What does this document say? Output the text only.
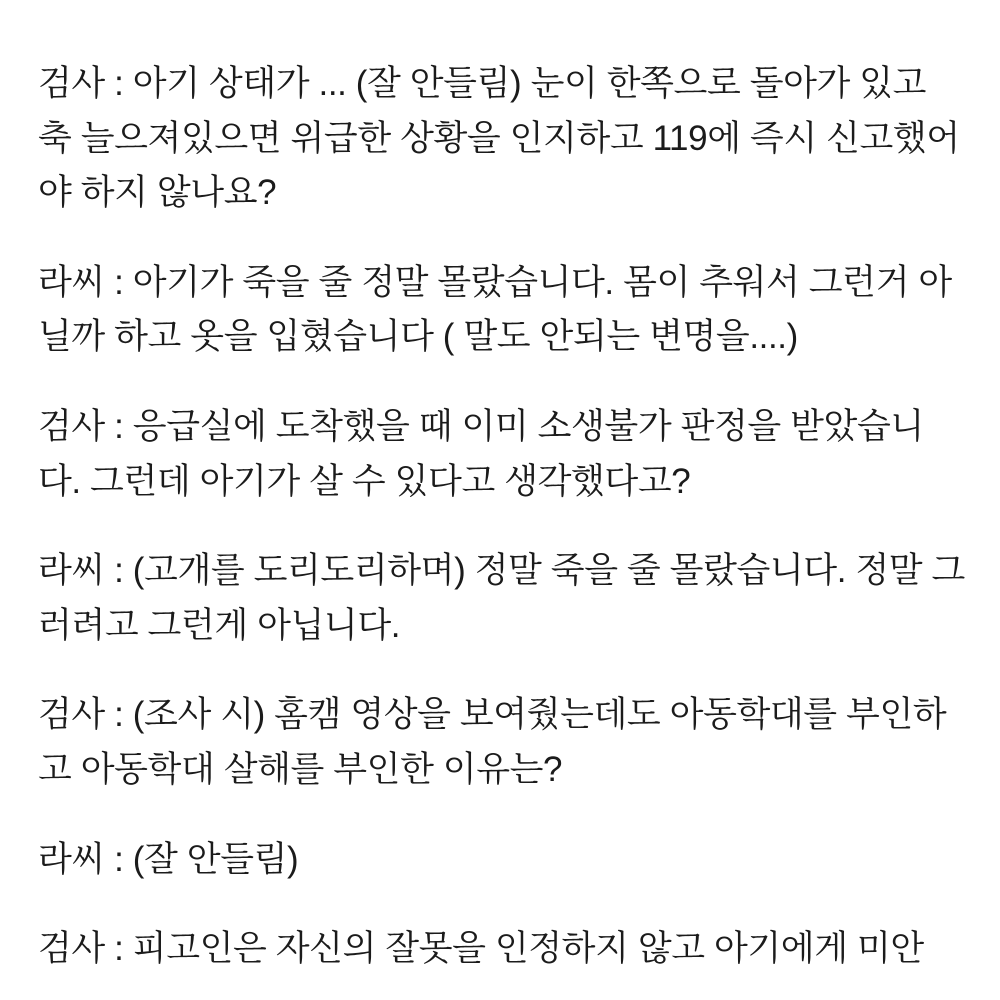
검사 : 아기 상태가 ... (잘 안들림) 눈이 한쪽으로 돌아가 있고 축 늘으져있으면 위급한 상황을 인지하고 119에 즉시 신고했어야 하지 않나요?

라씨 : 아기가 죽을 줄 정말 몰랐습니다. 몸이 추워서 그런거 아닐까 하고 옷을 입혔습니다 ( 말도 안되는 변명을....)

검사 : 응급실에 도착했을 때 이미 소생불가 판정을 받았습니다. 그런데 아기가 살 수 있다고 생각했다고?

라씨 : (고개를 도리도리하며) 정말 죽을 줄 몰랐습니다. 정말 그러려고 그런게 아닙니다.

검사 : (조사 시) 홈캠 영상을 보여줬는데도 아동학대를 부인하고 아동학대 살해를 부인한 이유는?

라씨 : (잘 안들림)

검사 : 피고인은 자신의 잘못을 인정하지 않고 아기에게 미안
